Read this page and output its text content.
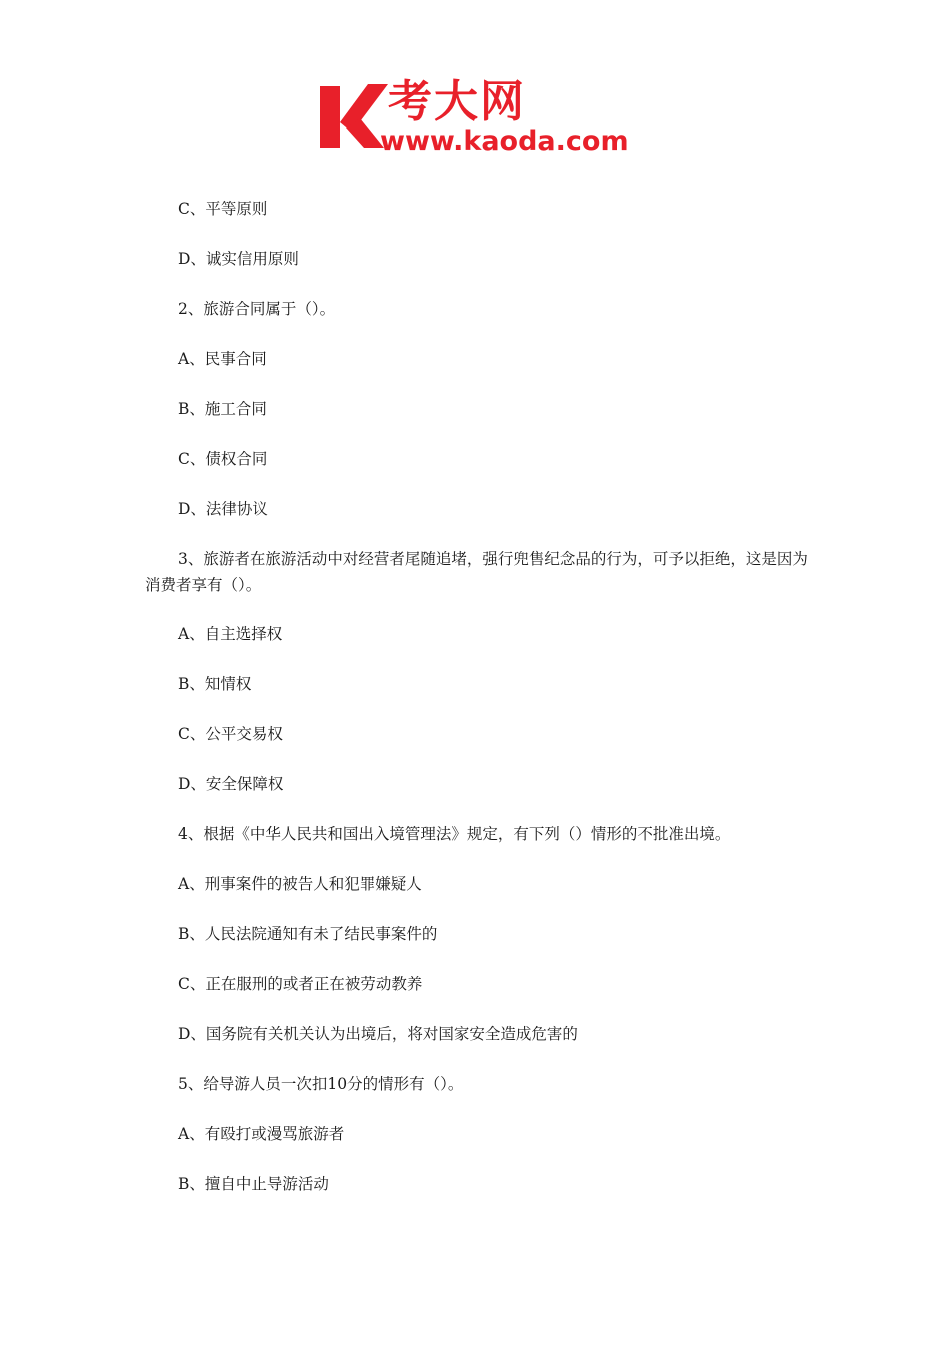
考大网
www.kaoda.com
C、平等原则
D、诚实信用原则
2、旅游合同属于（）。
A、民事合同
B、施工合同
C、债权合同
D、法律协议
3、旅游者在旅游活动中对经营者尾随追堵，强行兜售纪念品的行为，可予以拒绝，这是因为消费者享有（）。
A、自主选择权
B、知情权
C、公平交易权
D、安全保障权
4、根据《中华人民共和国出入境管理法》规定，有下列（）情形的不批准出境。
A、刑事案件的被告人和犯罪嫌疑人
B、人民法院通知有未了结民事案件的
C、正在服刑的或者正在被劳动教养
D、国务院有关机关认为出境后，将对国家安全造成危害的
5、给导游人员一次扣10分的情形有（）。
A、有殴打或漫骂旅游者
B、擅自中止导游活动
